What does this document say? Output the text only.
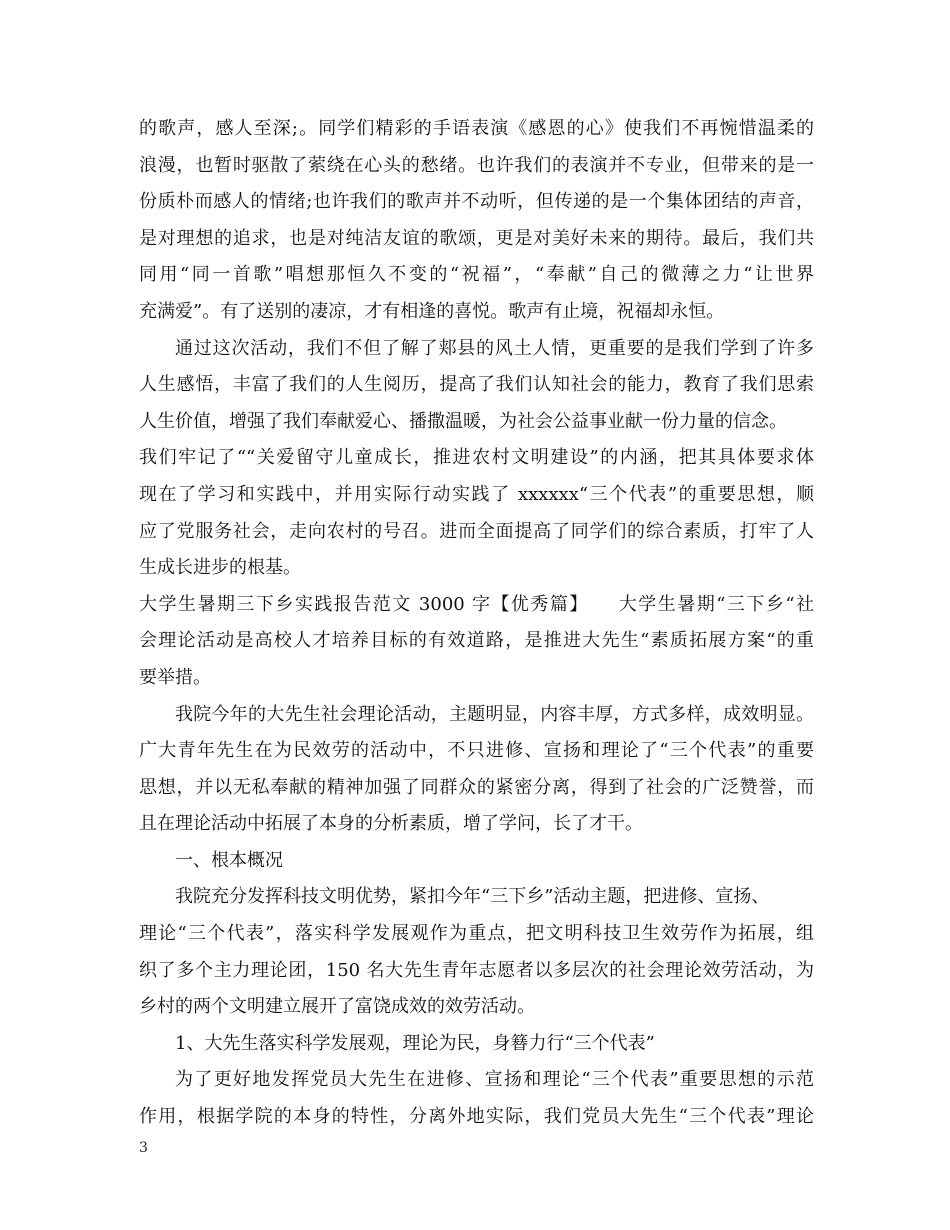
的歌声，感人至深;。同学们精彩的手语表演《感恩的心》使我们不再惋惜温柔的
浪漫，也暂时驱散了萦绕在心头的愁绪。也许我们的表演并不专业，但带来的是一
份质朴而感人的情绪;也许我们的歌声并不动听，但传递的是一个集体团结的声音，
是对理想的追求，也是对纯洁友谊的歌颂，更是对美好未来的期待。最后，我们共
同用“同一首歌”唱想那恒久不变的“祝福”，“奉献”自己的微薄之力“让世界
充满爱”。有了送别的凄凉，才有相逢的喜悦。歌声有止境，祝福却永恒。
通过这次活动，我们不但了解了郏县的风土人情，更重要的是我们学到了许多
人生感悟，丰富了我们的人生阅历，提高了我们认知社会的能力，教育了我们思索
人生价值，增强了我们奉献爱心、播撒温暖，为社会公益事业献一份力量的信念。
我们牢记了““关爱留守儿童成长，推进农村文明建设”的内涵，把其具体要求体
现在了学习和实践中，并用实际行动实践了 xxxxxx“三个代表”的重要思想，顺
应了党服务社会，走向农村的号召。进而全面提高了同学们的综合素质，打牢了人
生成长进步的根基。
大学生暑期三下乡实践报告范文 3000 字【优秀篇】　　大学生暑期“三下乡“社
会理论活动是高校人才培养目标的有效道路，是推进大先生“素质拓展方案“的重
要举措。
我院今年的大先生社会理论活动，主题明显，内容丰厚，方式多样，成效明显。
广大青年先生在为民效劳的活动中，不只进修、宣扬和理论了“三个代表”的重要
思想，并以无私奉献的精神加强了同群众的紧密分离，得到了社会的广泛赞誉，而
且在理论活动中拓展了本身的分析素质，增了学问，长了才干。
一、根本概况
我院充分发挥科技文明优势，紧扣今年“三下乡”活动主题，把进修、宣扬、
理论“三个代表”，落实科学发展观作为重点，把文明科技卫生效劳作为拓展，组
织了多个主力理论团，150 名大先生青年志愿者以多层次的社会理论效劳活动，为
乡村的两个文明建立展开了富饶成效的效劳活动。
1、大先生落实科学发展观，理论为民，身簮力行“三个代表”
为了更好地发挥党员大先生在进修、宣扬和理论“三个代表”重要思想的示范
作用，根据学院的本身的特性，分离外地实际，我们党员大先生“三个代表”理论
3
